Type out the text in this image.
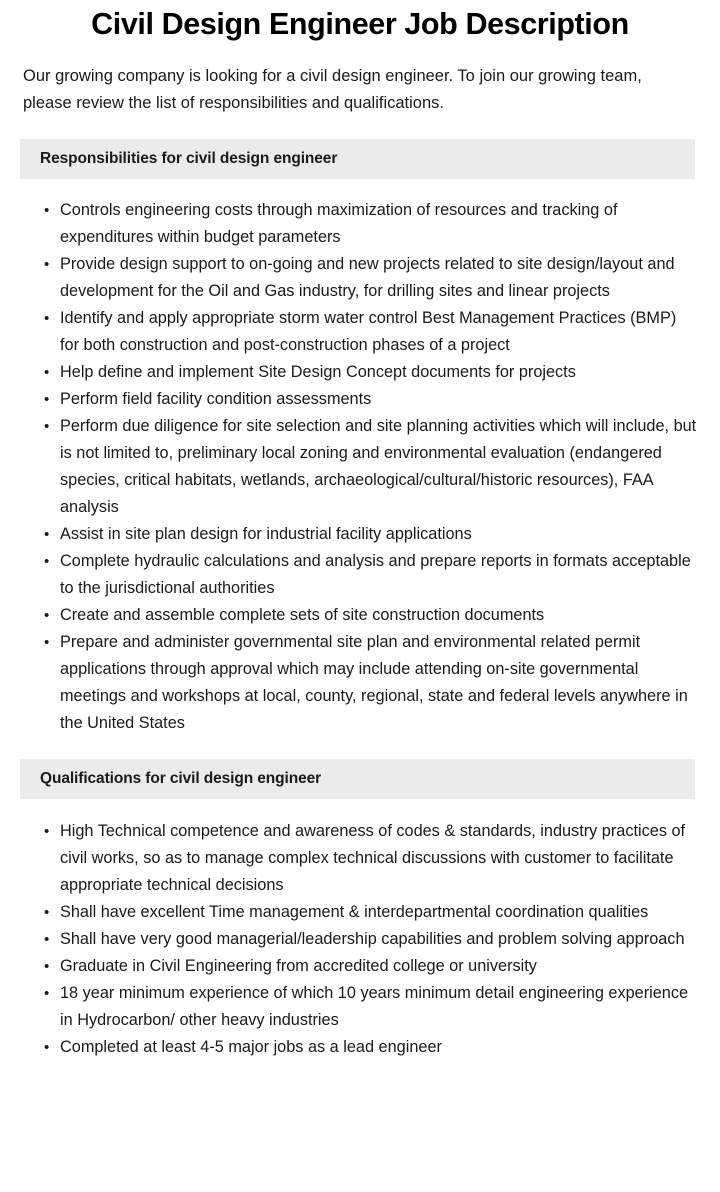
Civil Design Engineer Job Description

Our growing company is looking for a civil design engineer. To join our growing team, please review the list of responsibilities and qualifications.

Responsibilities for civil design engineer
• Controls engineering costs through maximization of resources and tracking of expenditures within budget parameters
• Provide design support to on-going and new projects related to site design/layout and development for the Oil and Gas industry, for drilling sites and linear projects
• Identify and apply appropriate storm water control Best Management Practices (BMP) for both construction and post-construction phases of a project
• Help define and implement Site Design Concept documents for projects
• Perform field facility condition assessments
• Perform due diligence for site selection and site planning activities which will include, but is not limited to, preliminary local zoning and environmental evaluation (endangered species, critical habitats, wetlands, archaeological/cultural/historic resources), FAA analysis
• Assist in site plan design for industrial facility applications
• Complete hydraulic calculations and analysis and prepare reports in formats acceptable to the jurisdictional authorities
• Create and assemble complete sets of site construction documents
• Prepare and administer governmental site plan and environmental related permit applications through approval which may include attending on-site governmental meetings and workshops at local, county, regional, state and federal levels anywhere in the United States
Qualifications for civil design engineer
• High Technical competence and awareness of codes & standards, industry practices of civil works, so as to manage complex technical discussions with customer to facilitate appropriate technical decisions
• Shall have excellent Time management & interdepartmental coordination qualities
• Shall have very good managerial/leadership capabilities and problem solving approach
• Graduate in Civil Engineering from accredited college or university
• 18 year minimum experience of which 10 years minimum detail engineering experience in Hydrocarbon/ other heavy industries
• Completed at least 4-5 major jobs as a lead engineer
